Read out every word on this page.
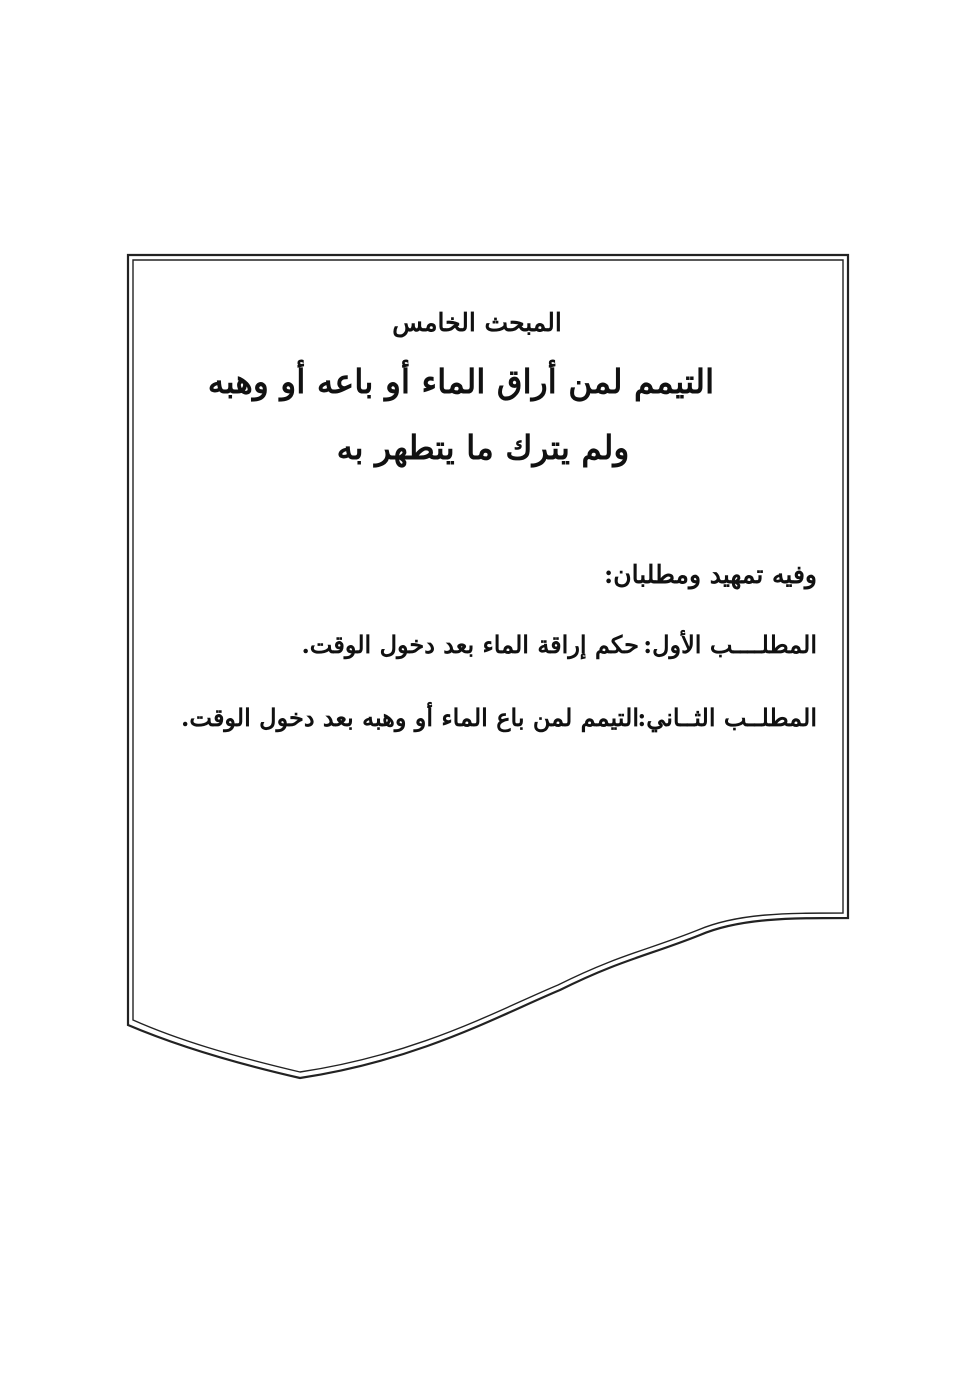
المبحث الخامس
التيمم لمن أراق الماء أو باعه أو وهبه
ولم يترك ما يتطهر به
وفيه تمهيد ومطلبان:
المطلــــب الأول:حكم إراقة الماء بعد دخول الوقت.
المطلــب الثــاني:التيمم لمن باع الماء أو وهبه بعد دخول الوقت.
